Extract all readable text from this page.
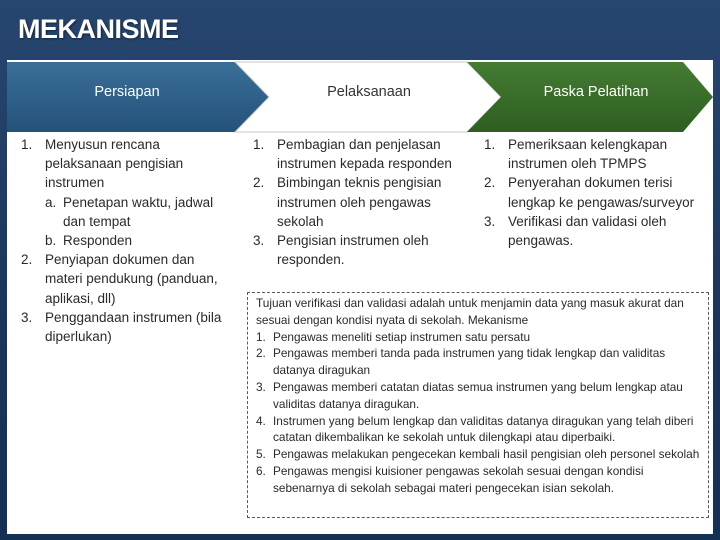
MEKANISME
Persiapan	Pelaksanaan	Paska Pelatihan
1. Menyusun rencana pelaksanaan pengisian instrumen
a. Penetapan waktu, jadwal dan tempat
b. Responden
2. Penyiapan dokumen dan materi pendukung (panduan, aplikasi, dll)
3. Penggandaan instrumen (bila diperlukan)
1. Pembagian dan penjelasan instrumen kepada responden
2. Bimbingan teknis pengisian instrumen oleh pengawas sekolah
3. Pengisian instrumen oleh responden.
1. Pemeriksaan kelengkapan instrumen oleh TPMPS
2. Penyerahan dokumen terisi lengkap ke pengawas/surveyor
3. Verifikasi dan validasi oleh pengawas.
Tujuan verifikasi dan validasi adalah untuk menjamin data yang masuk akurat dan sesuai dengan kondisi nyata di sekolah. Mekanisme
1. Pengawas meneliti setiap instrumen satu persatu
2. Pengawas memberi tanda pada instrumen yang tidak lengkap dan validitas datanya diragukan
3. Pengawas memberi catatan diatas semua instrumen yang belum lengkap atau validitas datanya diragukan.
4. Instrumen yang belum lengkap dan validitas datanya diragukan yang telah diberi catatan dikembalikan ke sekolah untuk dilengkapi atau diperbaiki.
5. Pengawas melakukan pengecekan kembali hasil pengisian oleh personel sekolah
6. Pengawas mengisi kuisioner pengawas sekolah sesuai dengan kondisi sebenarnya di sekolah sebagai materi pengecekan isian sekolah.
